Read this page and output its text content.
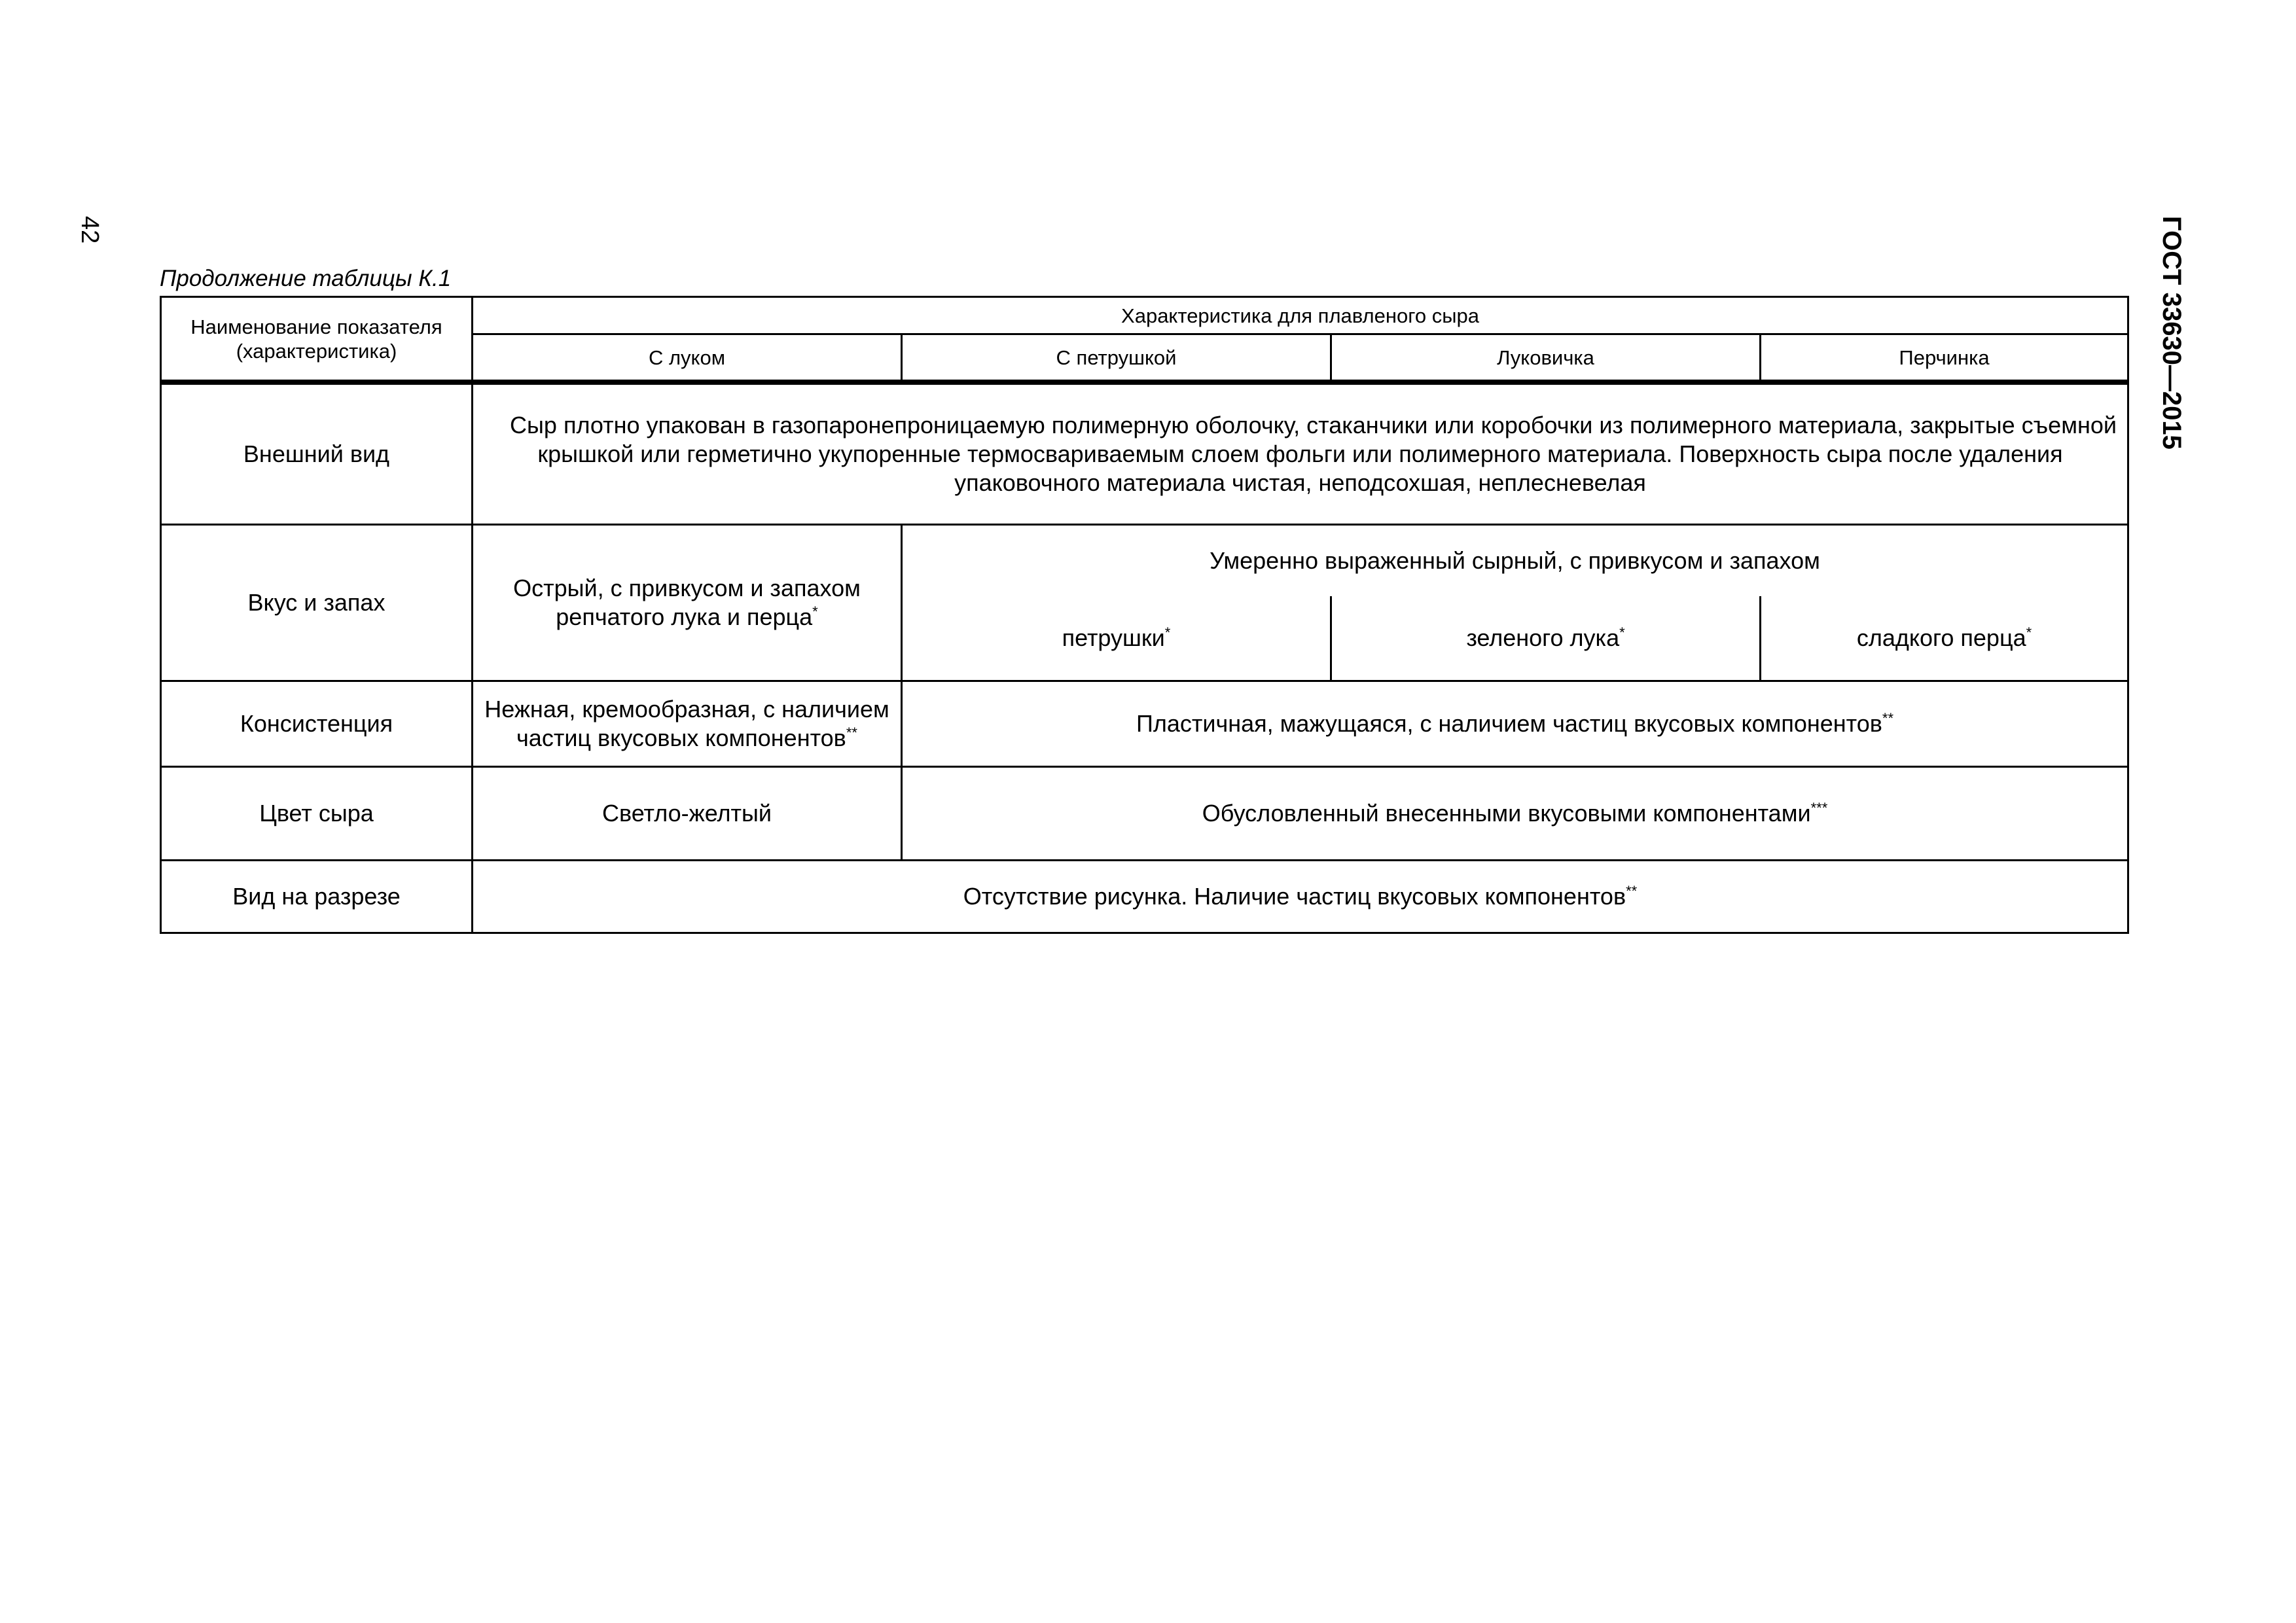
42	ГОСТ 33630—2015
Продолжение таблицы К.1
Наименование показателя (характеристика)	Характеристика для плавленого сыра			
	С луком	С петрушкой	Луковичка	Перчинка
Внешний вид	Сыр плотно упакован в газопаронепроницаемую полимерную оболочку, стаканчики или коробочки из полимерного материала, закрытые съемной крышкой или герметично укупоренные термосвариваемым слоем фольги или полимерного материала. Поверхность сыра после удаления упаковочного материала чистая, неподсохшая, неплесневелая			
Вкус и запах	Острый, с привкусом и запахом репчатого лука и перца*	Умеренно выраженный сырный, с привкусом и запахом		
		петрушки*	зеленого лука*	сладкого перца*
Консистенция	Нежная, кремообразная, с наличием частиц вкусовых компонентов**	Пластичная, мажущаяся, с наличием частиц вкусовых компонентов**
Цвет сыра	Светло-желтый	Обусловленный внесенными вкусовыми компонентами***
Вид на разрезе	Отсутствие рисунка. Наличие частиц вкусовых компонентов**
